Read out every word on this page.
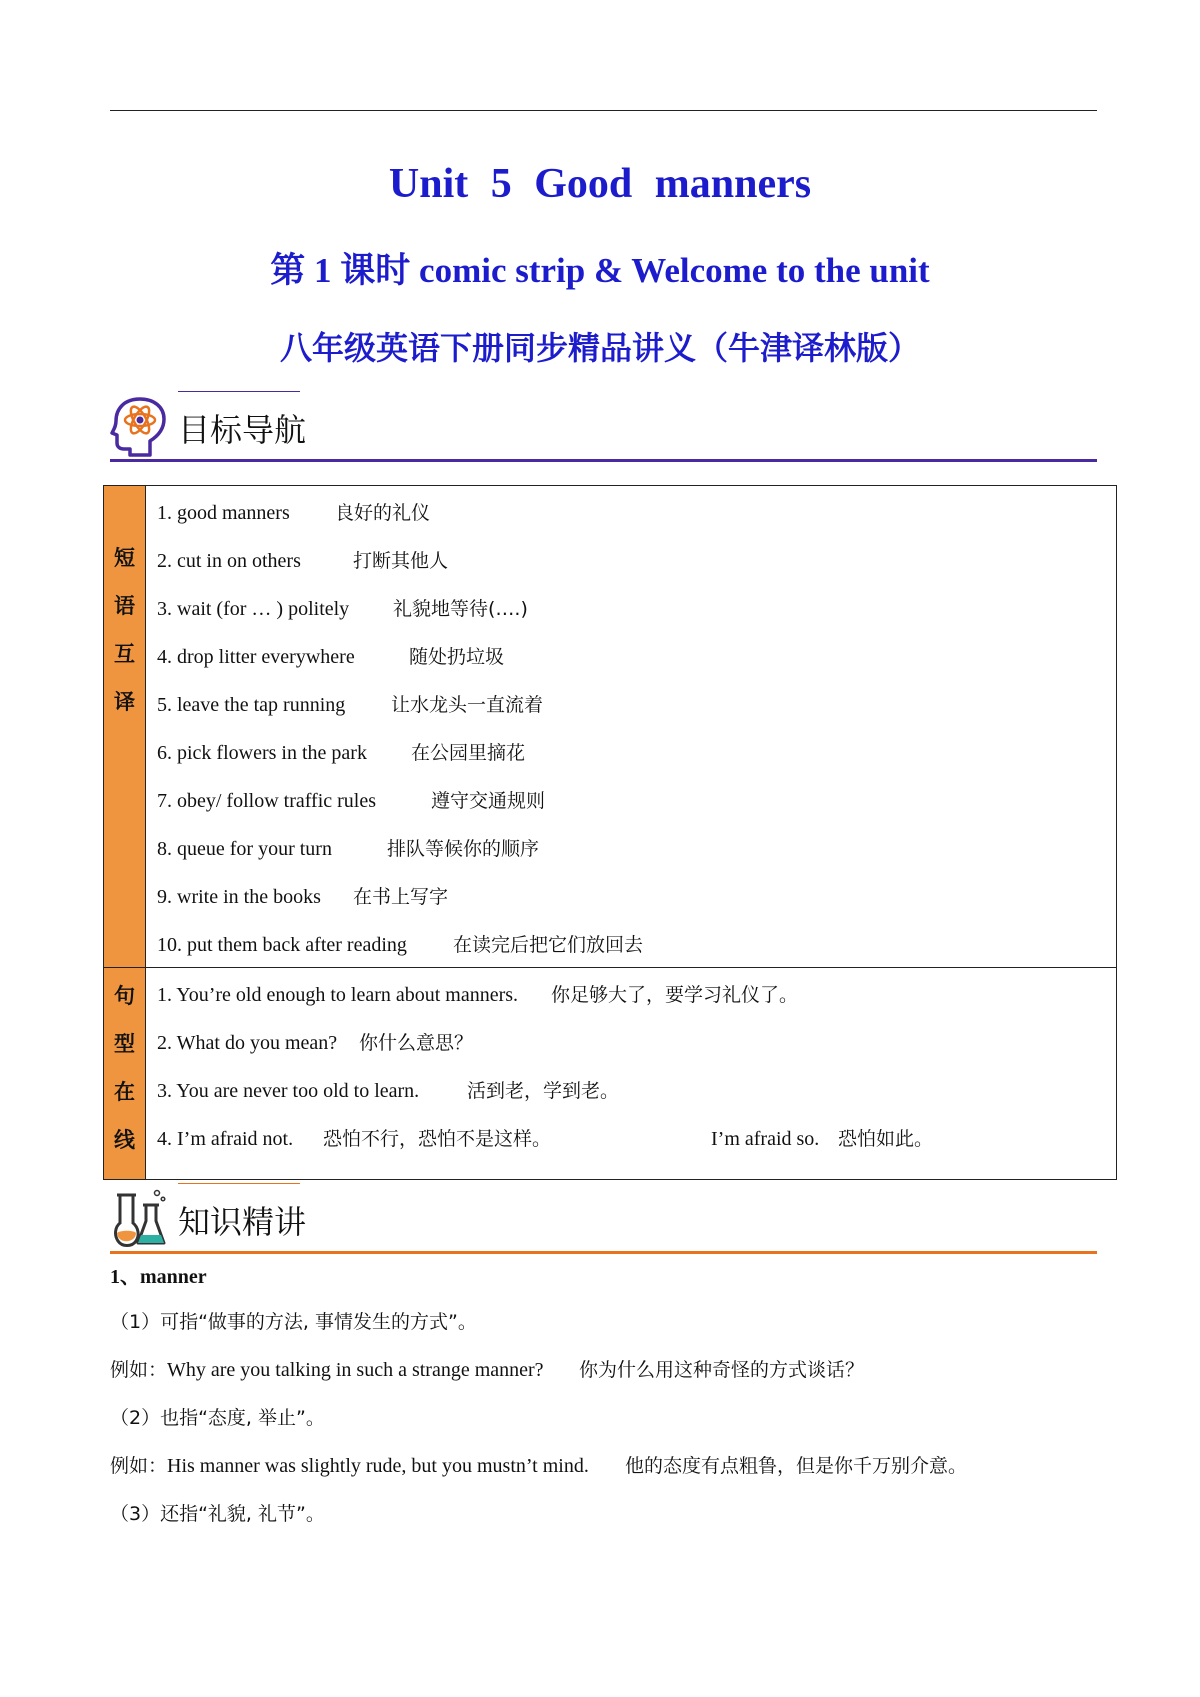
Unit 5 Good manners
第 1 课时 comic strip & Welcome to the unit
八年级英语下册同步精品讲义（牛津译林版）
目标导航
短
语
互
译
1. good manners 良好的礼仪
2. cut in on others	打断其他人
3. wait (for … ) politely 礼貌地等待(….)
4. drop litter everywhere	随处扔垃圾
5. leave the tap running 让水龙头一直流着
6. pick flowers in the park 在公园里摘花
7. obey/ follow traffic rules	遵守交通规则
8. queue for your turn	排队等候你的顺序
9. write in the books 在书上写字
10. put them back after reading 在读完后把它们放回去
句
型
在
线
1. You’re old enough to learn about manners. 你足够大了，要学习礼仪了。
2. What do you mean? 你什么意思？
3. You are never too old to learn.	活到老，学到老。
4. I’m afraid not. 恐怕不行，恐怕不是这样。	I’m afraid so. 恐怕如此。
知识精讲
1、manner
（1）可指“做事的方法, 事情发生的方式”。
例如：Why are you talking in such a strange manner? 你为什么用这种奇怪的方式谈话？
（2）也指“态度, 举止”。
例如：His manner was slightly rude, but you mustn’t mind. 他的态度有点粗鲁，但是你千万别介意。
（3）还指“礼貌, 礼节”。
